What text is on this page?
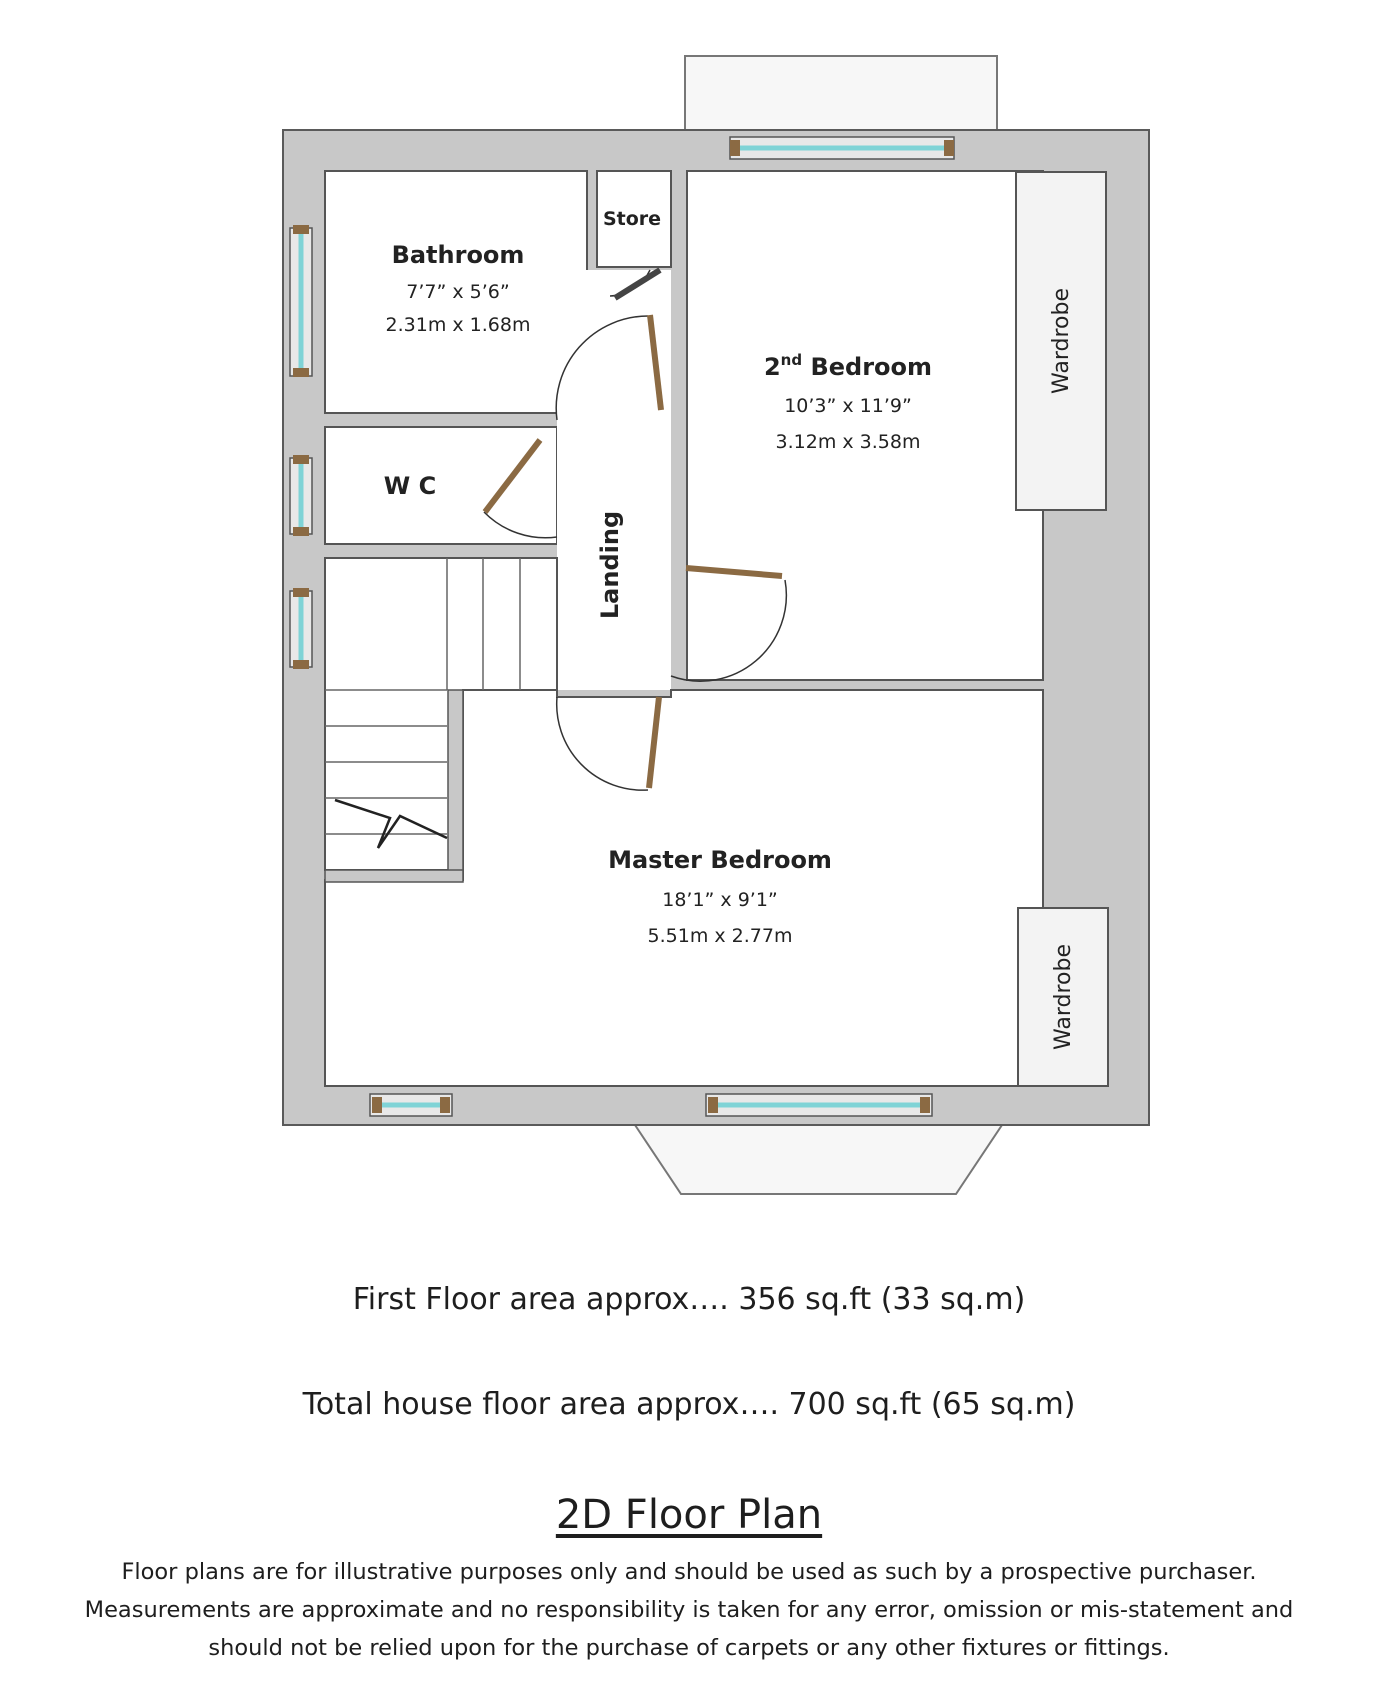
Bathroom
7’7” x 5’6”
2.31m x 1.68m
Store
W C
Landing
2nd Bedroom
10’3” x 11’9”
3.12m x 3.58m
Master Bedroom
18’1” x 9’1”
5.51m x 2.77m
Wardrobe
Wardrobe
First Floor area approx…. 356 sq.ft (33 sq.m)
Total house floor area approx…. 700 sq.ft (65 sq.m)
2D Floor Plan
Floor plans are for illustrative purposes only and should be used as such by a prospective purchaser.
Measurements are approximate and no responsibility is taken for any error, omission or mis-statement and
should not be relied upon for the purchase of carpets or any other fixtures or fittings.
